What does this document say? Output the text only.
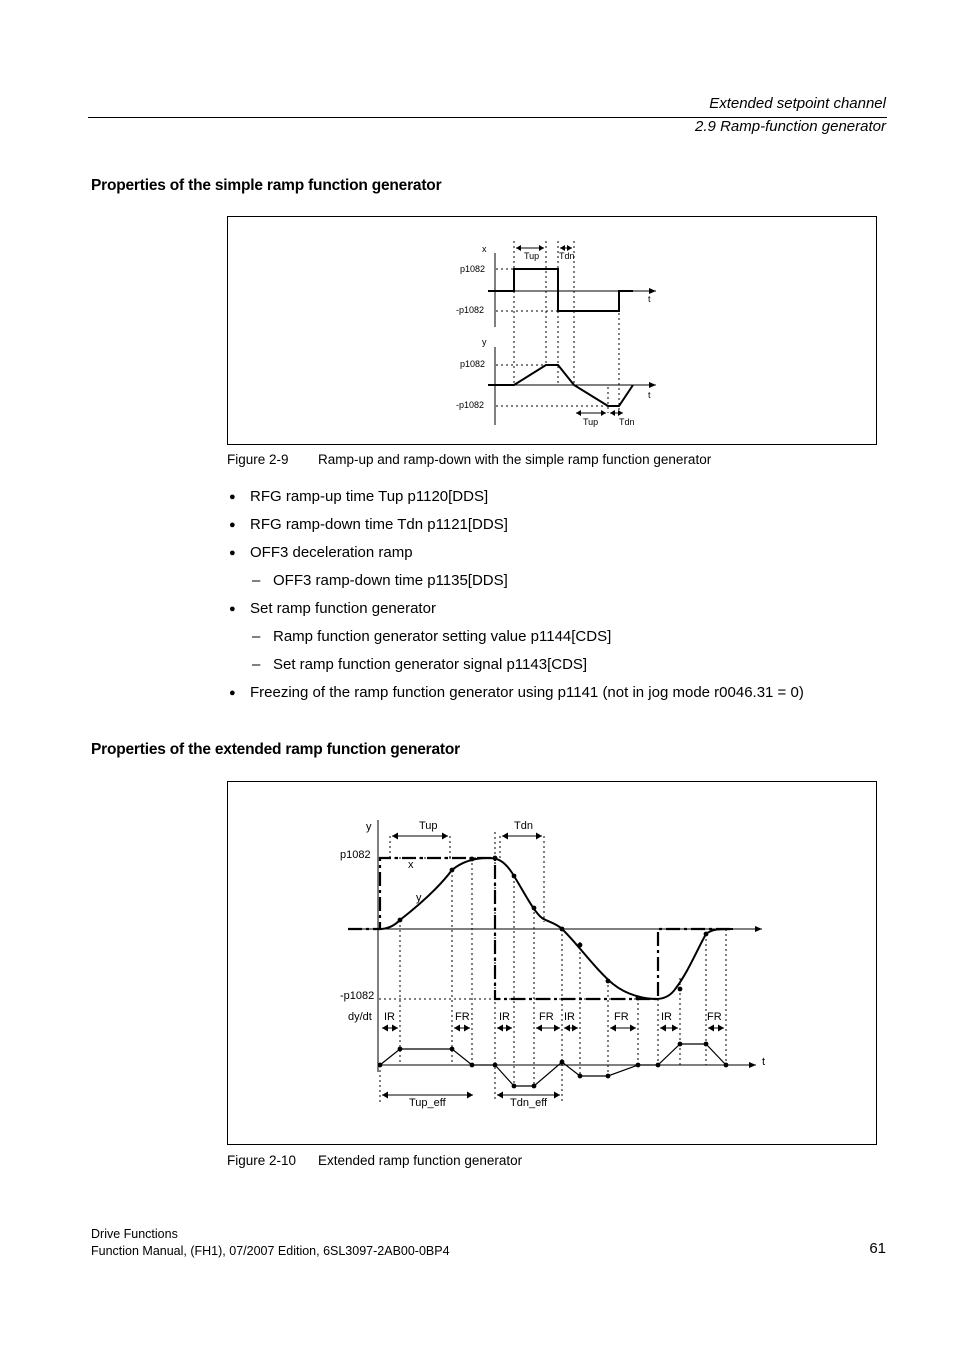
Extended setpoint channel
2.9 Ramp-function generator
Properties of the simple ramp function generator
Tup Tdn
x
p1082
-p1082
t
Tup Tdn
y
p1082
-p1082
t
Figure 2-9 Ramp-up and ramp-down with the simple ramp function generator
● RFG ramp-up time Tup p1120[DDS]
● RFG ramp-down time Tdn p1121[DDS]
● OFF3 deceleration ramp
– OFF3 ramp-down time p1135[DDS]
● Set ramp function generator
– Ramp function generator setting value p1144[CDS]
– Set ramp function generator signal p1143[CDS]
● Freezing of the ramp function generator using p1141 (not in jog mode r0046.31 = 0)
Properties of the extended ramp function generator
Tup	Tdn
IR	FR	IR	FR IR	FR	IR	FR
Tup_eff	Tdn_eff
y
p1082
x
y
-p1082
dy/dt
t
Figure 2-10 Extended ramp function generator
Drive Functions
Function Manual, (FH1), 07/2007 Edition, 6SL3097-2AB00-0BP4	61
